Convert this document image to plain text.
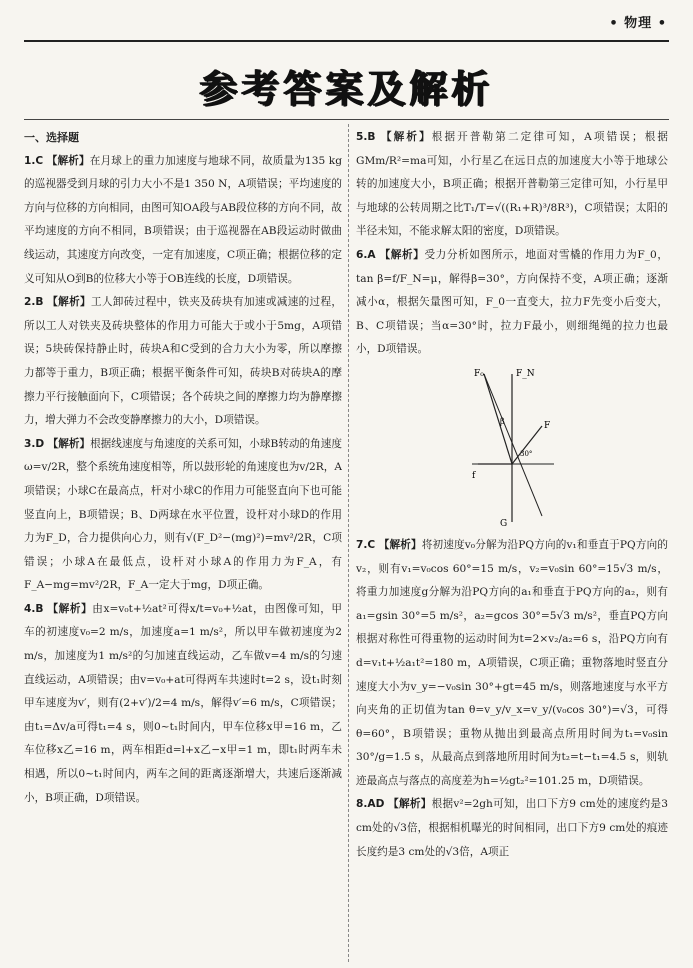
• 物理 •
参考答案及解析
一、选择题

1.C 【解析】在月球上的重力加速度与地球不同，故质量为135 kg的巡视器受到月球的引力大小不是1 350 N，A项错误；平均速度的方向与位移的方向相同，由图可知OA段与AB段位移的方向不同，故平均速度的方向不相同，B项错误；由于巡视器在AB段运动时做曲线运动，其速度方向改变，一定有加速度，C项正确；根据位移的定义可知从O到B的位移大小等于OB连线的长度，D项错误。

2.B 【解析】工人卸砖过程中，铁夹及砖块有加速或减速的过程，所以工人对铁夹及砖块整体的作用力可能大于或小于5mg，A项错误；5块砖保持静止时，砖块A和C受到的合力大小为零，所以摩擦力都等于重力，B项正确；根据平衡条件可知，砖块B对砖块A的摩擦力平行接触面向下，C项错误；各个砖块之间的摩擦力均为静摩擦力，增大弹力不会改变静摩擦力的大小，D项错误。

3.D 【解析】根据线速度与角速度的关系可知，小球B转动的角速度ω=v/2R，整个系统角速度相等，所以鼓形轮的角速度也为v/2R，A项错误；小球C在最高点，杆对小球C的作用力可能竖直向下也可能竖直向上，B项错误；B、D两球在水平位置，设杆对小球D的作用力为F_D，合力提供向心力，则有√(F_D²−(mg)²)=mv²/2R，C项错误；小球A在最低点，设杆对小球A的作用力为F_A，有F_A−mg=mv²/2R，F_A一定大于mg，D项正确。

4.B 【解析】由x=v₀t+½at²可得x/t=v₀+½at，由图像可知，甲车的初速度v₀=2 m/s，加速度a=1 m/s²，所以甲车做初速度为2 m/s，加速度为1 m/s²的匀加速直线运动，乙车做v=4 m/s的匀速直线运动，A项错误；由v=v₀+at可得两车共速时t=2 s，设t₁时刻甲车速度为v′，则有(2+v′)/2=4 m/s，解得v′=6 m/s，C项错误；由t₁=Δv/a可得t₁=4 s，则0~t₁时间内，甲车位移x甲=16 m，乙车位移x乙=16 m，两车相距d=l+x乙−x甲=1 m，即t₁时两车未相遇，所以0~t₁时间内，两车之间的距离逐渐增大，共速后逐渐减小，B项正确，D项错误。

5.B 【解析】根据开普勒第二定律可知，A项错误；根据GMm/R²=ma可知，小行星乙在远日点的加速度大小等于地球公转的加速度大小，B项正确；根据开普勒第三定律可知，小行星甲与地球的公转周期之比T₁/T=√((R₁+R)³/8R³)，C项错误；太阳的半径未知，不能求解太阳的密度，D项错误。

6.A 【解析】受力分析如图所示，地面对雪橇的作用力为F_0，tan β=f/F_N=μ，解得β=30°，方向保持不变，A项正确；逐渐减小α，根据矢量图可知，F_0一直变大，拉力F先变小后变大，B、C项错误；当α=30°时，拉力F最小，则细绳绳的拉力也最小，D项错误。

F₀	F_N
F
f
G
β
30°

7.C 【解析】将初速度v₀分解为沿PQ方向的v₁和垂直于PQ方向的v₂，则有v₁=v₀cos 60°=15 m/s，v₂=v₀sin 60°=15√3 m/s，将重力加速度g分解为沿PQ方向的a₁和垂直于PQ方向的a₂，则有a₁=gsin 30°=5 m/s²，a₂=gcos 30°=5√3 m/s²，垂直PQ方向根据对称性可得重物的运动时间为t=2×v₂/a₂=6 s，沿PQ方向有d=v₁t+½a₁t²=180 m，A项错误，C项正确；重物落地时竖直分速度大小为v_y=−v₀sin 30°+gt=45 m/s，则落地速度与水平方向夹角的正切值为tan θ=v_y/v_x=v_y/(v₀cos 30°)=√3，可得θ=60°，B项错误；重物从抛出到最高点所用时间为t₁=v₀sin 30°/g=1.5 s，从最高点到落地所用时间为t₂=t−t₁=4.5 s，则轨迹最高点与落点的高度差为h=½gt₂²=101.25 m，D项错误。

8.AD 【解析】根据v²=2gh可知，出口下方9 cm处的速度约是3 cm处的√3倍，根据相机曝光的时间相同，出口下方9 cm处的痕迹长度约是3 cm处的√3倍，A项正
